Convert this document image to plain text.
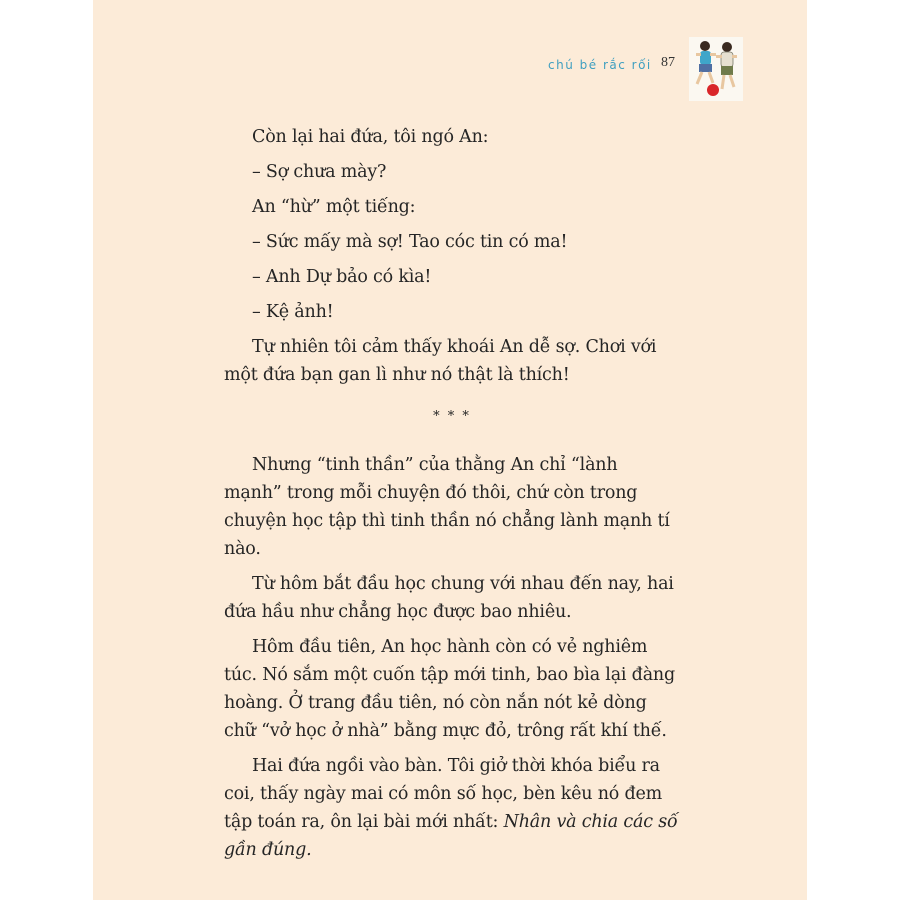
chú bé rắc rối 87

Còn lại hai đứa, tôi ngó An:

– Sợ chưa mày?

An “hừ” một tiếng:

– Sức mấy mà sợ! Tao cóc tin có ma!

– Anh Dự bảo có kìa!

– Kệ ảnh!

Tự nhiên tôi cảm thấy khoái An dễ sợ. Chơi với một đứa bạn gan lì như nó thật là thích!

* * *

Nhưng “tinh thần” của thằng An chỉ “lành mạnh” trong mỗi chuyện đó thôi, chứ còn trong chuyện học tập thì tinh thần nó chẳng lành mạnh tí nào.

Từ hôm bắt đầu học chung với nhau đến nay, hai đứa hầu như chẳng học được bao nhiêu.

Hôm đầu tiên, An học hành còn có vẻ nghiêm túc. Nó sắm một cuốn tập mới tinh, bao bìa lại đàng hoàng. Ở trang đầu tiên, nó còn nắn nót kẻ dòng chữ “vở học ở nhà” bằng mực đỏ, trông rất khí thế.

Hai đứa ngồi vào bàn. Tôi giở thời khóa biểu ra coi, thấy ngày mai có môn số học, bèn kêu nó đem tập toán ra, ôn lại bài mới nhất: Nhân và chia các số gần đúng.
